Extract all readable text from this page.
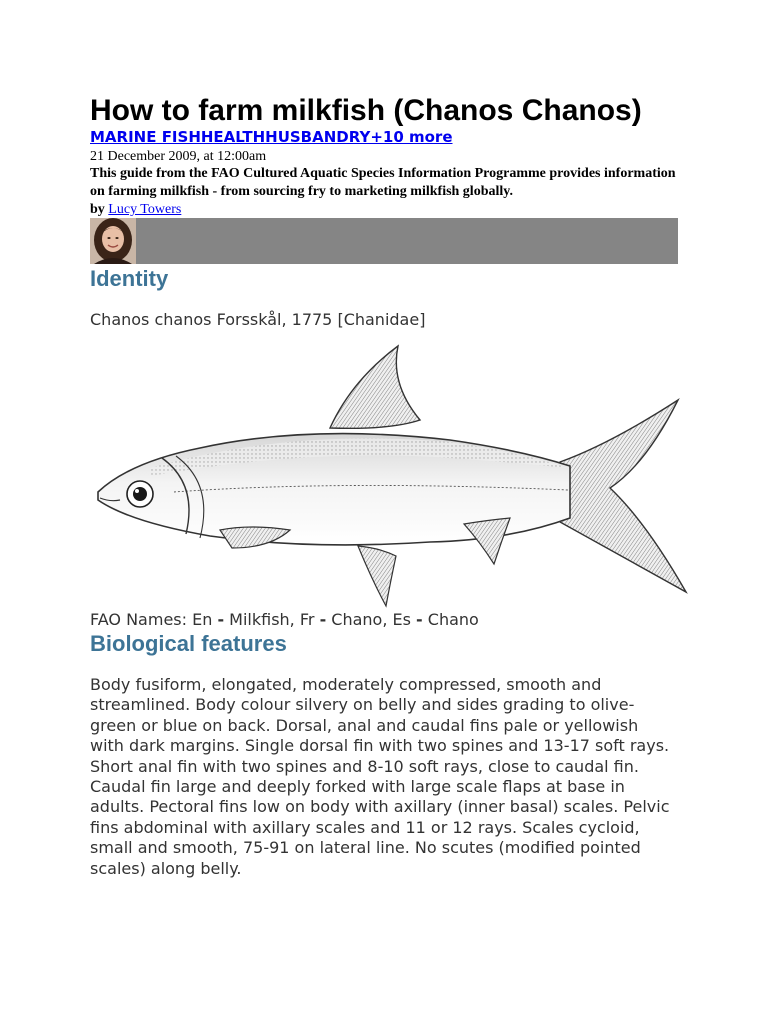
How to farm milkfish (Chanos Chanos)
MARINE FISHHEALTHHUSBANDRY+10 more
21 December 2009, at 12:00am

This guide from the FAO Cultured Aquatic Species Information Programme provides information on farming milkfish - from sourcing fry to marketing milkfish globally.

by Lucy Towers
Identity
Chanos chanos Forsskål, 1775 [Chanidae]
FAO Names: En - Milkfish, Fr - Chano, Es - Chano
Biological features

Body fusiform, elongated, moderately compressed, smooth and streamlined. Body colour silvery on belly and sides grading to olive-green or blue on back. Dorsal, anal and caudal fins pale or yellowish with dark margins. Single dorsal fin with two spines and 13-17 soft rays. Short anal fin with two spines and 8-10 soft rays, close to caudal fin. Caudal fin large and deeply forked with large scale flaps at base in adults. Pectoral fins low on body with axillary (inner basal) scales. Pelvic fins abdominal with axillary scales and 11 or 12 rays. Scales cycloid, small and smooth, 75-91 on lateral line. No scutes (modified pointed scales) along belly.
